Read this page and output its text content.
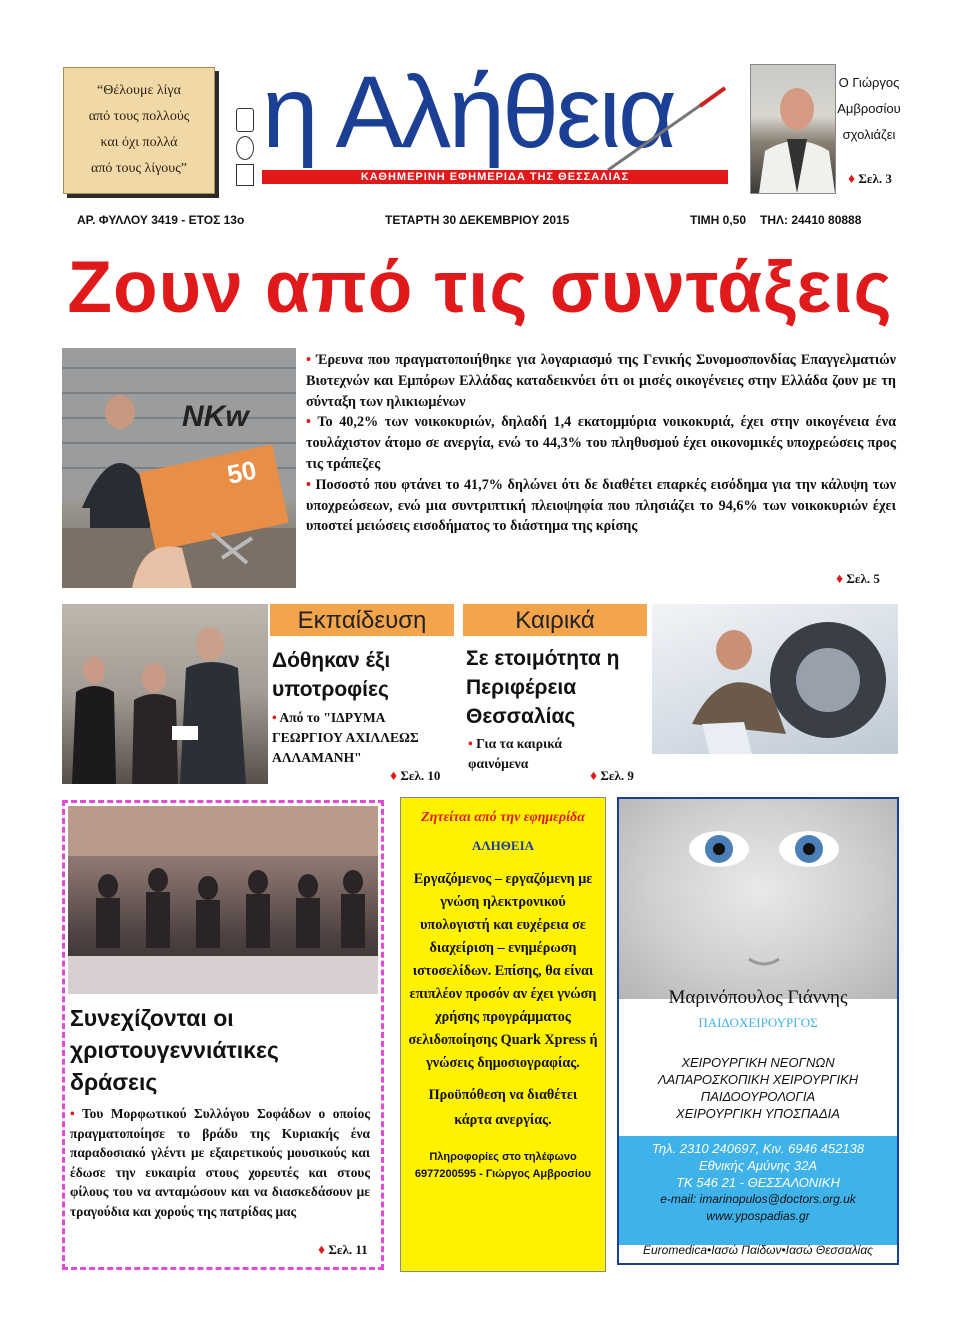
“Θέλουμε λίγα
από τους πολλούς
και όχι πολλά
από τους λίγους” η Αλήθεια
ΚΑΘΗΜΕΡΙΝΗ ΕΦΗΜΕΡΙΔΑ ΤΗΣ ΘΕΣΣΑΛΙΑΣ
Ο Γιώργος
Αμβροσίου
σχολιάζει
♦ Σελ. 3
ΑΡ. ΦΥΛΛΟΥ 3419 - ΕΤΟΣ 13ο	ΤΕΤΑΡΤΗ 30 ΔΕΚΕΜΒΡΙΟΥ 2015	ΤΙΜΗ 0,50 ΤΗΛ: 24410 80888
Ζουν από τις συντάξεις
NKw
50

• Έρευνα που πραγματοποιήθηκε για λογαριασμό της Γενικής Συνομοσπονδίας Επαγγελματιών Βιοτεχνών και Εμπόρων Ελλάδας καταδεικνύει ότι οι μισές οικογένειες στην Ελλάδα ζουν με τη σύνταξη των ηλικιωμένων

• Το 40,2% των νοικοκυριών, δηλαδή 1,4 εκατομμύρια νοικοκυριά, έχει στην οικογένεια ένα τουλάχιστον άτομο σε ανεργία, ενώ το 44,3% του πληθυσμού έχει οικονομικές υποχρεώσεις προς τις τράπεζες

• Ποσοστό που φτάνει το 41,7% δηλώνει ότι δε διαθέτει επαρκές εισόδημα για την κάλυψη των υποχρεώσεων, ενώ μια συντριπτική πλειοψηφία που πλησιάζει το 94,6% των νοικοκυριών έχει υποστεί μειώσεις εισοδήματος το διάστημα της κρίσης

♦ Σελ. 5
Εκπαίδευση
Δόθηκαν έξι υποτροφίες
• Από το "ΙΔΡΥΜΑ ΓΕΩΡΓΙΟΥ ΑΧΙΛΛΕΩΣ ΑΛΛΑΜΑΝΗ"
♦ Σελ. 10
Καιρικά
Σε ετοιμότητα η Περιφέρεια Θεσσαλίας
• Για τα καιρικά φαινόμενα
♦ Σελ. 9
Συνεχίζονται οι χριστουγεννιάτικες δράσεις
• Του Μορφωτικού Συλλόγου Σοφάδων ο οποίος πραγματοποίησε το βράδυ της Κυριακής ένα παραδοσιακό γλέντι με εξαιρετικούς μουσικούς και έδωσε την ευκαιρία στους χορευτές και στους φίλους του να ανταμώσουν και να διασκεδάσουν με τραγούδια και χορούς της πατρίδας μας
♦ Σελ. 11
Ζητείται από την εφημερίδα
ΑΛΗΘΕΙΑ
Εργαζόμενος – εργαζόμενη με γνώση ηλεκτρονικού υπολογιστή και ευχέρεια σε διαχείριση – ενημέρωση ιστοσελίδων. Επίσης, θα είναι επιπλέον προσόν αν έχει γνώση χρήσης προγράμματος σελιδοποίησης Quark Xpress ή γνώσεις δημοσιογραφίας.
Προϋπόθεση να διαθέτει κάρτα ανεργίας.
Πληροφορίες στο τηλέφωνο 6977200595 - Γιώργος Αμβροσίου
Μαρινόπουλος Γιάννης
ΠΑΙΔΟΧΕΙΡΟΥΡΓΟΣ
ΧΕΙΡΟΥΡΓΙΚΗ ΝΕΟΓΝΩΝ
ΛΑΠΑΡΟΣΚΟΠΙΚΗ ΧΕΙΡΟΥΡΓΙΚΗ
ΠΑΙΔΟΟΥΡΟΛΟΓΙΑ
ΧΕΙΡΟΥΡΓΙΚΗ ΥΠΟΣΠΑΔΙΑ
Τηλ. 2310 240697, Κιν. 6946 452138
Εθνικής Αμύνης 32Α
ΤΚ 546 21 - ΘΕΣΣΑΛΟΝΙΚΗ
e-mail: imarinopulos@doctors.org.uk
www.ypospadias.gr
Euromedica•Ιασώ Παίδων•Ιασώ Θεσσαλίας
